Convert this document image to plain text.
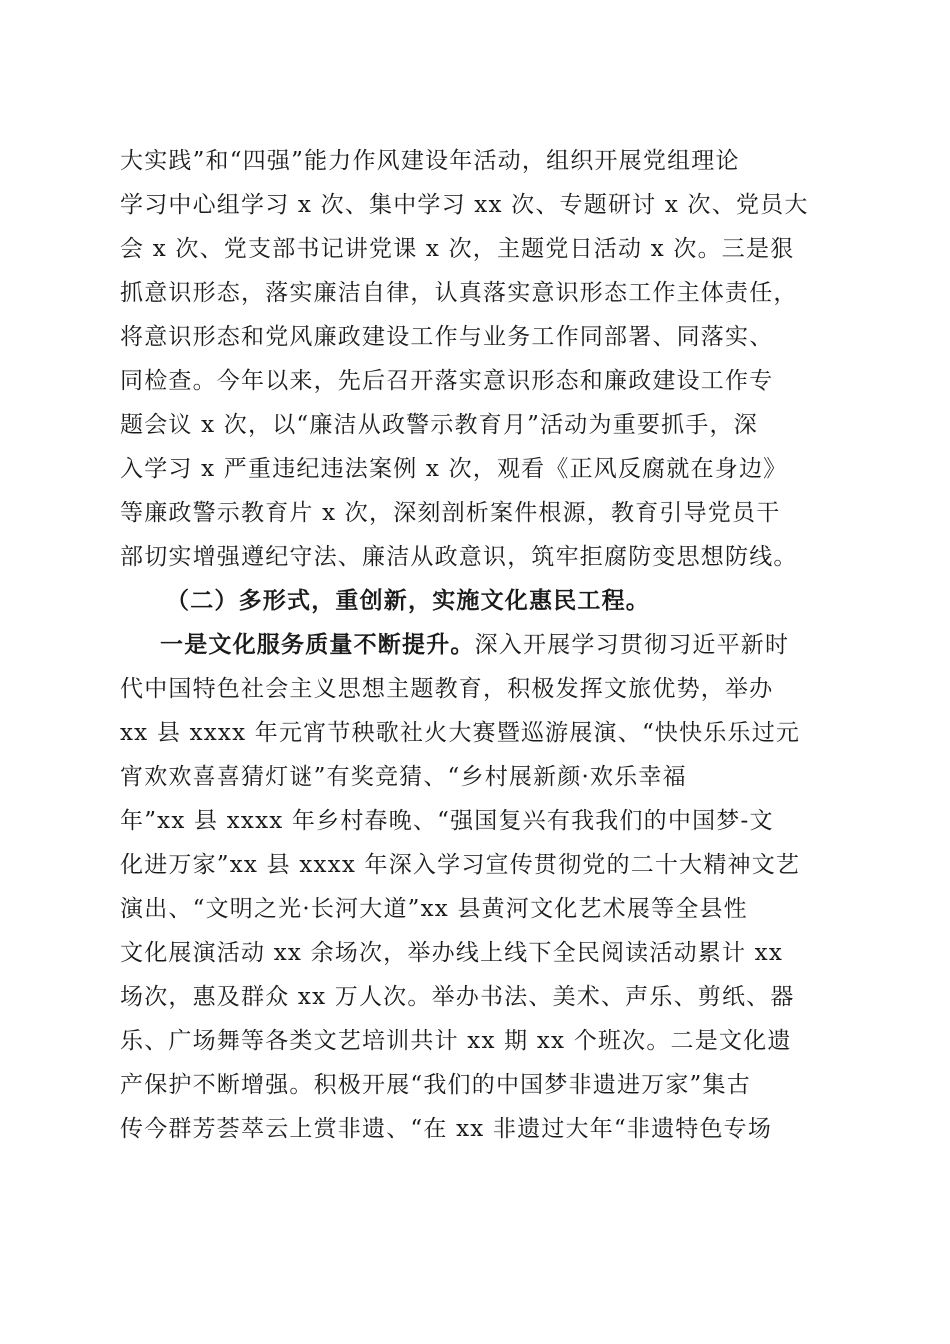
大实践”和“四强”能力作风建设年活动，组织开展党组理论
学习中心组学习 x 次、集中学习 xx 次、专题研讨 x 次、党员大
会 x 次、党支部书记讲党课 x 次，主题党日活动 x 次。三是狠
抓意识形态，落实廉洁自律，认真落实意识形态工作主体责任，
将意识形态和党风廉政建设工作与业务工作同部署、同落实、
同检查。今年以来，先后召开落实意识形态和廉政建设工作专
题会议 x 次，以“廉洁从政警示教育月”活动为重要抓手，深
入学习 x 严重违纪违法案例 x 次，观看《正风反腐就在身边》
等廉政警示教育片 x 次，深刻剖析案件根源，教育引导党员干
部切实增强遵纪守法、廉洁从政意识，筑牢拒腐防变思想防线。
（二）多形式，重创新，实施文化惠民工程。
一是文化服务质量不断提升。深入开展学习贯彻习近平新时
代中国特色社会主义思想主题教育，积极发挥文旅优势，举办
xx 县 xxxx 年元宵节秧歌社火大赛暨巡游展演、“快快乐乐过元
宵欢欢喜喜猜灯谜”有奖竞猜、“乡村展新颜·欢乐幸福
年”xx 县 xxxx 年乡村春晚、“强国复兴有我我们的中国梦-文
化进万家”xx 县 xxxx 年深入学习宣传贯彻党的二十大精神文艺
演出、“文明之光·长河大道”xx 县黄河文化艺术展等全县性
文化展演活动 xx 余场次，举办线上线下全民阅读活动累计 xx
场次，惠及群众 xx 万人次。举办书法、美术、声乐、剪纸、器
乐、广场舞等各类文艺培训共计 xx 期 xx 个班次。二是文化遗
产保护不断增强。积极开展“我们的中国梦非遗进万家”集古
传今群芳荟萃云上赏非遗、“在 xx 非遗过大年“非遗特色专场
